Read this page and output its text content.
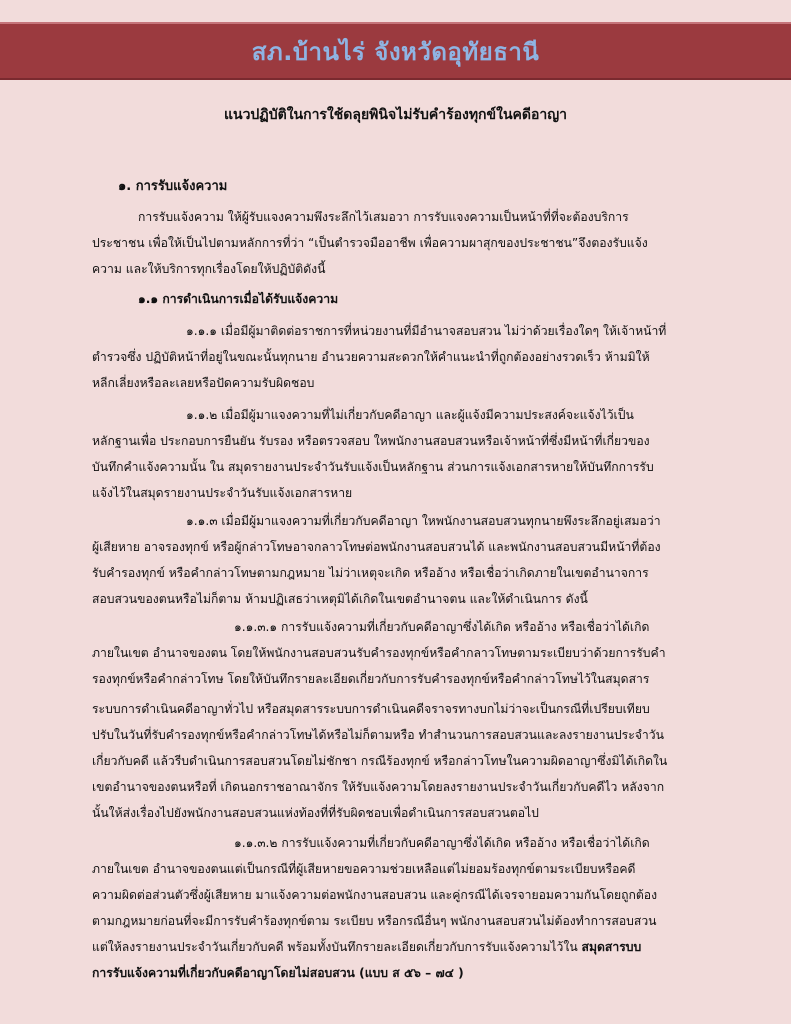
สภ.บ้านไร่ จังหวัดอุทัยธานี
แนวปฏิบัติในการใช้ดลุยพินิจไม่รับคำร้องทุกข์ในคดีอาญา
๑. การรับแจ้งความ
การรับแจ้งความ ให้ผู้รับแจงความพึงระลึกไว้เสมอวา การรับแจงความเป็นหน้าที่ที่จะต้องบริการ
ประชาชน เพื่อให้เป็นไปตามหลักการที่ว่า “เป็นตำรวจมืออาชีพ เพื่อความผาสุกของประชาชน”จึงตองรับแจ้ง
ความ และให้บริการทุกเรื่องโดยให้ปฏิบัติดังนี้
๑.๑ การดำเนินการเมื่อได้รับแจ้งความ
๑.๑.๑ เมื่อมีผู้มาติดต่อราชการที่หน่วยงานที่มีอำนาจสอบสวน ไม่ว่าด้วยเรื่องใดๆ ให้เจ้าหน้าที่
ตำรวจซึ่ง ปฏิบัติหน้าที่อยู่ในขณะนั้นทุกนาย อำนวยความสะดวกให้คำแนะนำที่ถูกต้องอย่างรวดเร็ว ห้ามมิให้
หลีกเลี่ยงหรือละเลยหรือปัดความรับผิดชอบ
๑.๑.๒ เมื่อมีผู้มาแจงความที่ไม่เกี่ยวกับคดีอาญา และผู้แจ้งมีความประสงค์จะแจ้งไว้เป็น
หลักฐานเพื่อ ประกอบการยืนยัน รับรอง หรือตรวจสอบ ใหพนักงานสอบสวนหรือเจ้าหน้าที่ซึ่งมีหน้าที่เกี่ยวของ
บันทึกคำแจ้งความนั้น ใน สมุดรายงานประจำวันรับแจ้งเป็นหลักฐาน ส่วนการแจ้งเอกสารหายให้บันทึกการรับ
แจ้งไว้ในสมุดรายงานประจำวันรับแจ้งเอกสารหาย
๑.๑.๓ เมื่อมีผู้มาแจงความที่เกี่ยวกับคดีอาญา ใหพนักงานสอบสวนทุกนายพึงระลึกอยู่เสมอว่า
ผู้เสียหาย อาจรองทุกข์ หรือผู้กล่าวโทษอาจกลาวโทษต่อพนักงานสอบสวนได้ และพนักงานสอบสวนมีหน้าที่ต้อง
รับคำรองทุกข์ หรือคำกล่าวโทษตามกฎหมาย ไม่ว่าเหตุจะเกิด หรืออ้าง หรือเชื่อว่าเกิดภายในเขตอำนาจการ
สอบสวนของตนหรือไม่ก็ตาม ห้ามปฏิเสธว่าเหตุมิได้เกิดในเขตอำนาจตน และให้ดำเนินการ ดังนี้
๑.๑.๓.๑ การรับแจ้งความที่เกี่ยวกับคดีอาญาซึ่งได้เกิด หรืออ้าง หรือเชื่อว่าได้เกิด
ภายในเขต อำนาจของตน โดยให้พนักงานสอบสวนรับคำรองทุกข์หรือคำกลาวโทษตามระเบียบว่าด้วยการรับคำ
รองทุกข์หรือคำกล่าวโทษ โดยให้บันทึกรายละเอียดเกี่ยวกับการรับคำรองทุกข์หรือคำกล่าวโทษไว้ในสมุดสาร
ระบบการดำเนินคดีอาญาทั่วไป หรือสมุดสารระบบการดำเนินคดีจราจรทางบกไม่ว่าจะเป็นกรณีที่เปรียบเทียบ
ปรับในวันที่รับคำรองทุกข์หรือคำกล่าวโทษได้หรือไม่ก็ตามหรือ ทำสำนวนการสอบสวนและลงรายงานประจำวัน
เกี่ยวกับคดี แล้วรีบดำเนินการสอบสวนโดยไม่ชักชา กรณีร้องทุกข์ หรือกล่าวโทษในความผิดอาญาซึ่งมิได้เกิดใน
เขตอำนาจของตนหรือที่ เกิดนอกราชอาณาจักร ให้รับแจ้งความโดยลงรายงานประจำวันเกี่ยวกับคดีไว หลังจาก
นั้นให้ส่งเรื่องไปยังพนักงานสอบสวนแห่งท้องที่ที่รับผิดชอบเพื่อดำเนินการสอบสวนตอไป
๑.๑.๓.๒ การรับแจ้งความที่เกี่ยวกับคดีอาญาซึ่งได้เกิด หรืออ้าง หรือเชื่อว่าได้เกิด
ภายในเขต อำนาจของตนแต่เป็นกรณีที่ผู้เสียหายขอความช่วยเหลือแต่ไม่ยอมร้องทุกข์ตามระเบียบหรือคดี
ความผิดต่อส่วนตัวซึ่งผู้เสียหาย มาแจ้งความต่อพนักงานสอบสวน และคู่กรณีได้เจรจายอมความกันโดยถูกต้อง
ตามกฎหมายก่อนที่จะมีการรับคำร้องทุกข์ตาม ระเบียบ หรือกรณีอื่นๆ พนักงานสอบสวนไม่ต้องทำการสอบสวน
แต่ให้ลงรายงานประจำวันเกี่ยวกับคดี พร้อมทั้งบันทึกรายละเอียดเกี่ยวกับการรับแจ้งความไว้ใน สมุดสารบบ
การรับแจ้งความที่เกี่ยวกับคดีอาญาโดยไม่สอบสวน (แบบ ส ๕๖ – ๗๔ )
